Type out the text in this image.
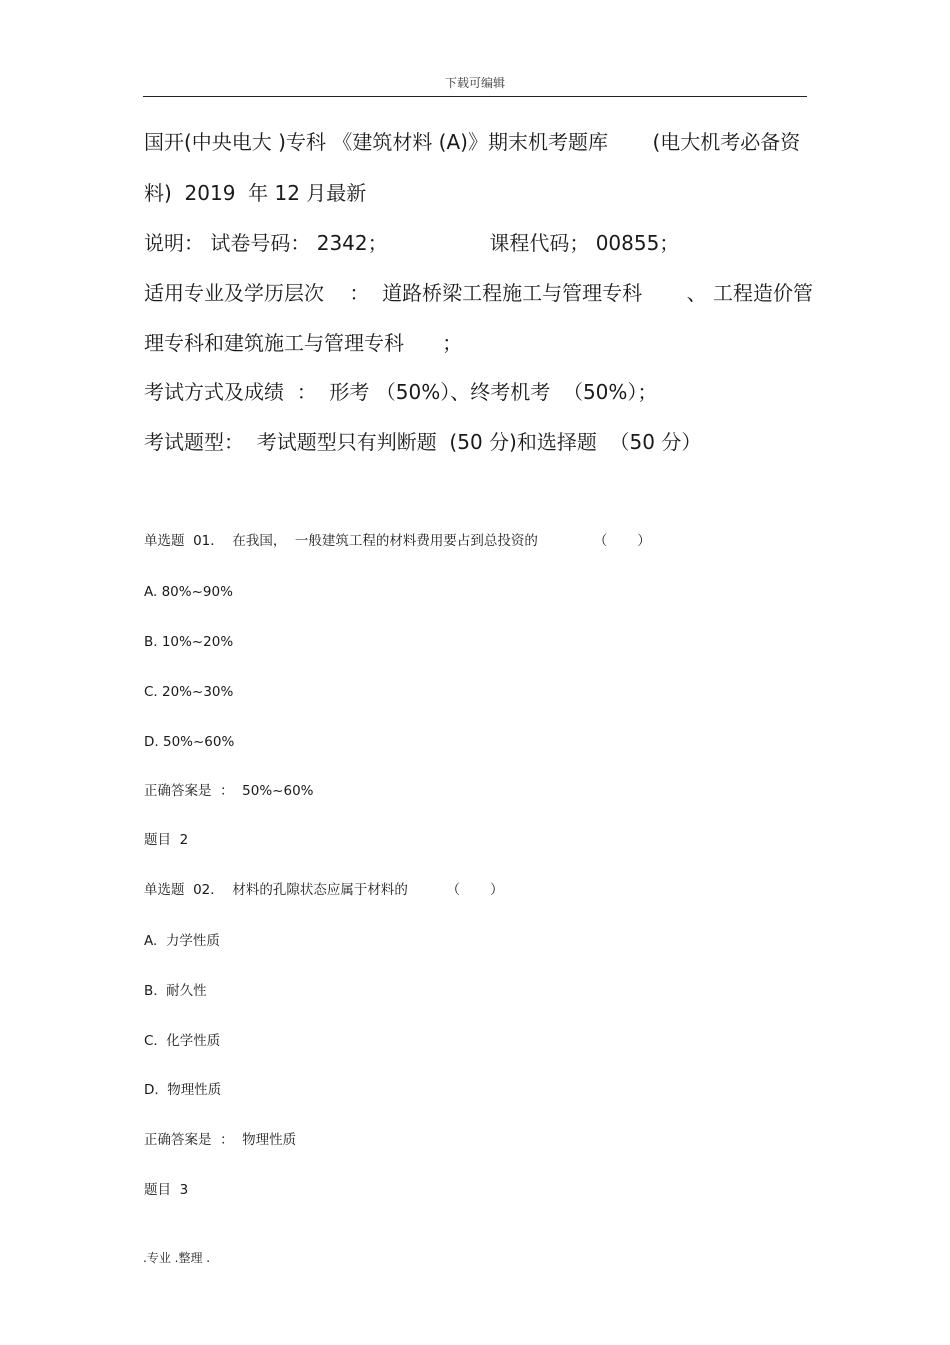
下载可编辑
国开(中央电大 )专科 《建筑材料 (A)》期末机考题库       (电大机考必备资
料)  2019  年 12 月最新
说明： 试卷号码： 2342；                课程代码； 00855；
适用专业及学历层次    ：  道路桥梁工程施工与管理专科       、 工程造价管
理专科和建筑施工与管理专科      ；
考试方式及成绩  ：  形考 （50%）、终考机考  （50%）；
考试题型：  考试题型只有判断题  (50 分)和选择题  （50 分）
单选题  01．  在我国，  一般建筑工程的材料费用要占到总投资的             （       ）
A. 80%~90%
B. 10%~20%
C. 20%~30%
D. 50%~60%
正确答案是  ：  50%~60%
题目  2
单选题  02．  材料的孔隙状态应属于材料的         （       ）
A.  力学性质
B.  耐久性
C.  化学性质
D.  物理性质
正确答案是  ：  物理性质
题目  3
.专业 .整理 .
